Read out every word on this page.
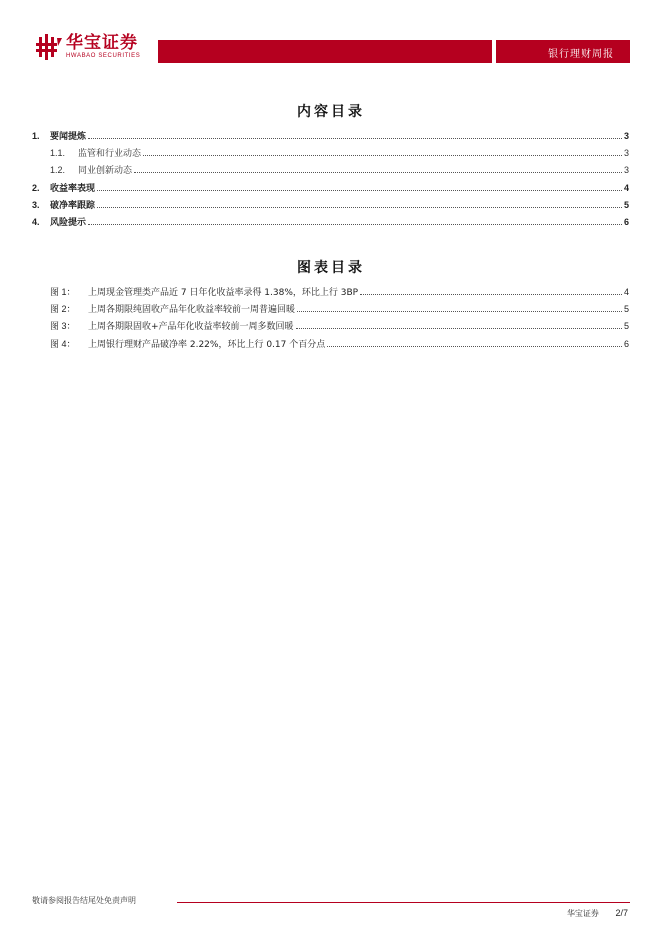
华宝证券
HWABAO SECURITIES	银行理财周报
内容目录
1.	要闻提炼	3
1.1.	监管和行业动态	3
1.2.	同业创新动态	3
2.	收益率表现	4
3.	破净率跟踪	5
4.	风险提示	6
图表目录
图 1：	上周现金管理类产品近 7 日年化收益率录得 1.38%，环比上行 3BP	4
图 2：	上周各期限纯固收产品年化收益率较前一周普遍回暖	5
图 3：	上周各期限固收+产品年化收益率较前一周多数回暖	5
图 4：	上周银行理财产品破净率 2.22%，环比上行 0.17 个百分点	6
敬请参阅报告结尾处免责声明
华宝证券 2/7
